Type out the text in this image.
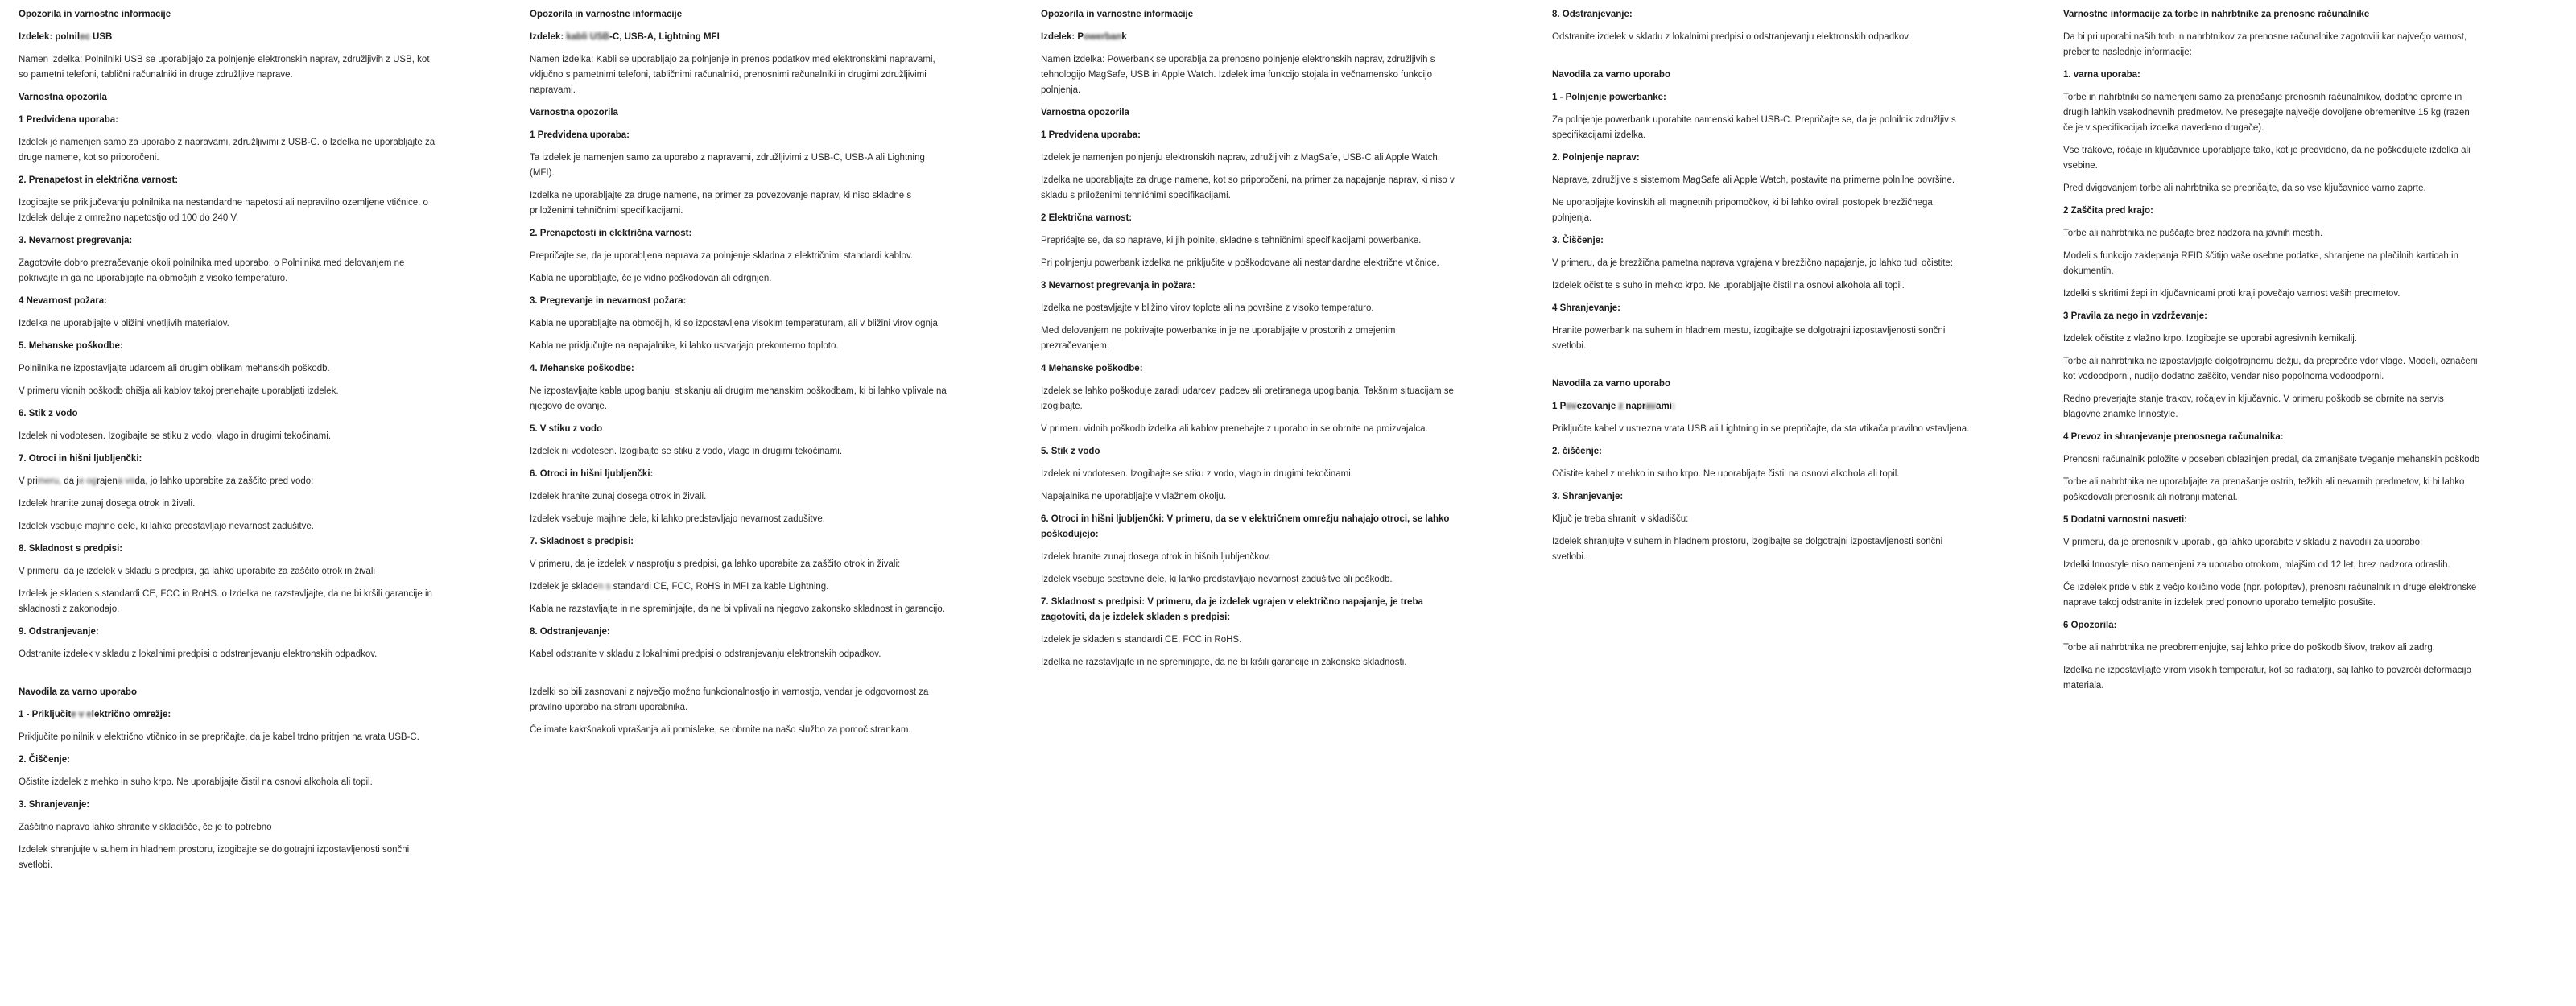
Opozorila in varnostne informacije
Izdelek: polnilec USB

Namen izdelka: Polnilniki USB se uporabljajo za polnjenje elektronskih naprav, združljivih z USB, kot so pametni telefoni, tablični računalniki in druge združljive naprave.

Varnostna opozorila
1 Predvidena uporaba:

Izdelek je namenjen samo za uporabo z napravami, združljivimi z USB-C. o Izdelka ne uporabljajte za druge namene, kot so priporočeni.

2. Prenapetost in električna varnost:

Izogibajte se priključevanju polnilnika na nestandardne napetosti ali nepravilno ozemljene vtičnice. o Izdelek deluje z omrežno napetostjo od 100 do 240 V.

3. Nevarnost pregrevanja:

Zagotovite dobro prezračevanje okoli polnilnika med uporabo. o Polnilnika med delovanjem ne pokrivajte in ga ne uporabljajte na območjih z visoko temperaturo.

4 Nevarnost požara:

Izdelka ne uporabljajte v bližini vnetljivih materialov.

5. Mehanske poškodbe:

Polnilnika ne izpostavljajte udarcem ali drugim oblikam mehanskih poškodb.

V primeru vidnih poškodb ohišja ali kablov takoj prenehajte uporabljati izdelek.

6. Stik z vodo

Izdelek ni vodotesen. Izogibajte se stiku z vodo, vlago in drugimi tekočinami.

7. Otroci in hišni ljubljenčki:

V primeru, da je ograjena voda, jo lahko uporabite za zaščito pred vodo:

Izdelek hranite zunaj dosega otrok in živali.

Izdelek vsebuje majhne dele, ki lahko predstavljajo nevarnost zadušitve.

8. Skladnost s predpisi:

V primeru, da je izdelek v skladu s predpisi, ga lahko uporabite za zaščito otrok in živali

Izdelek je skladen s standardi CE, FCC in RoHS. o Izdelka ne razstavljajte, da ne bi kršili garancije in skladnosti z zakonodajo.

9. Odstranjevanje:

Odstranite izdelek v skladu z lokalnimi predpisi o odstranjevanju elektronskih odpadkov.

Navodila za varno uporabo
1 - Priključite v električno omrežje:

Priključite polnilnik v električno vtičnico in se prepričajte, da je kabel trdno pritrjen na vrata USB-C.

2. Čiščenje:

Očistite izdelek z mehko in suho krpo. Ne uporabljajte čistil na osnovi alkohola ali topil.

3. Shranjevanje:

Zaščitno napravo lahko shranite v skladišče, če je to potrebno

Izdelek shranjujte v suhem in hladnem prostoru, izogibajte se dolgotrajni izpostavljenosti sončni svetlobi.

Opozorila in varnostne informacije
Izdelek: kabli USB-C, USB-A, Lightning MFI

Namen izdelka: Kabli se uporabljajo za polnjenje in prenos podatkov med elektronskimi napravami, vključno s pametnimi telefoni, tabličnimi računalniki, prenosnimi računalniki in drugimi združljivimi napravami.

Varnostna opozorila
1 Predvidena uporaba:

Ta izdelek je namenjen samo za uporabo z napravami, združljivimi z USB-C, USB-A ali Lightning (MFI).

Izdelka ne uporabljajte za druge namene, na primer za povezovanje naprav, ki niso skladne s priloženimi tehničnimi specifikacijami.

2. Prenapetosti in električna varnost:

Prepričajte se, da je uporabljena naprava za polnjenje skladna z električnimi standardi kablov.

Kabla ne uporabljajte, če je vidno poškodovan ali odrgnjen.

3. Pregrevanje in nevarnost požara:

Kabla ne uporabljajte na območjih, ki so izpostavljena visokim temperaturam, ali v bližini virov ognja.

Kabla ne priključujte na napajalnike, ki lahko ustvarjajo prekomerno toploto.

4. Mehanske poškodbe:

Ne izpostavljajte kabla upogibanju, stiskanju ali drugim mehanskim poškodbam, ki bi lahko vplivale na njegovo delovanje.

5. V stiku z vodo

Izdelek ni vodotesen. Izogibajte se stiku z vodo, vlago in drugimi tekočinami.

6. Otroci in hišni ljubljenčki:

Izdelek hranite zunaj dosega otrok in živali.

Izdelek vsebuje majhne dele, ki lahko predstavljajo nevarnost zadušitve.

7. Skladnost s predpisi:

V primeru, da je izdelek v nasprotju s predpisi, ga lahko uporabite za zaščito otrok in živali:

Izdelek je skladen s standardi CE, FCC, RoHS in MFI za kable Lightning.

Kabla ne razstavljajte in ne spreminjajte, da ne bi vplivali na njegovo zakonsko skladnost in garancijo.

8. Odstranjevanje:

Kabel odstranite v skladu z lokalnimi predpisi o odstranjevanju elektronskih odpadkov.

Izdelki so bili zasnovani z največjo možno funkcionalnostjo in varnostjo, vendar je odgovornost za pravilno uporabo na strani uporabnika.

Če imate kakršnakoli vprašanja ali pomisleke, se obrnite na našo službo za pomoč strankam.

Opozorila in varnostne informacije
Izdelek: Powerbank

Namen izdelka: Powerbank se uporablja za prenosno polnjenje elektronskih naprav, združljivih s tehnologijo MagSafe, USB in Apple Watch. Izdelek ima funkcijo stojala in večnamensko funkcijo polnjenja.

Varnostna opozorila
1 Predvidena uporaba:

Izdelek je namenjen polnjenju elektronskih naprav, združljivih z MagSafe, USB-C ali Apple Watch.

Izdelka ne uporabljajte za druge namene, kot so priporočeni, na primer za napajanje naprav, ki niso v skladu s priloženimi tehničnimi specifikacijami.

2 Električna varnost:

Prepričajte se, da so naprave, ki jih polnite, skladne s tehničnimi specifikacijami powerbanke.

Pri polnjenju powerbank izdelka ne priključite v poškodovane ali nestandardne električne vtičnice.

3 Nevarnost pregrevanja in požara:

Izdelka ne postavljajte v bližino virov toplote ali na površine z visoko temperaturo.

Med delovanjem ne pokrivajte powerbanke in je ne uporabljajte v prostorih z omejenim prezračevanjem.

4 Mehanske poškodbe:

Izdelek se lahko poškoduje zaradi udarcev, padcev ali pretiranega upogibanja. Takšnim situacijam se izogibajte.

V primeru vidnih poškodb izdelka ali kablov prenehajte z uporabo in se obrnite na proizvajalca.

5. Stik z vodo

Izdelek ni vodotesen. Izogibajte se stiku z vodo, vlago in drugimi tekočinami.

Napajalnika ne uporabljajte v vlažnem okolju.

6. Otroci in hišni ljubljenčki: V primeru, da se v električnem omrežju nahajajo otroci, se lahko poškodujejo:

Izdelek hranite zunaj dosega otrok in hišnih ljubljenčkov.

Izdelek vsebuje sestavne dele, ki lahko predstavljajo nevarnost zadušitve ali poškodb.

7. Skladnost s predpisi: V primeru, da je izdelek vgrajen v električno napajanje, je treba zagotoviti, da je izdelek skladen s predpisi:

Izdelek je skladen s standardi CE, FCC in RoHS.

Izdelka ne razstavljajte in ne spreminjajte, da ne bi kršili garancije in zakonske skladnosti.

8. Odstranjevanje:

Odstranite izdelek v skladu z lokalnimi predpisi o odstranjevanju elektronskih odpadkov.

Navodila za varno uporabo
1 - Polnjenje powerbanke:

Za polnjenje powerbank uporabite namenski kabel USB-C. Prepričajte se, da je polnilnik združljiv s specifikacijami izdelka.

2. Polnjenje naprav:

Naprave, združljive s sistemom MagSafe ali Apple Watch, postavite na primerne polnilne površine.

Ne uporabljajte kovinskih ali magnetnih pripomočkov, ki bi lahko ovirali postopek brezžičnega polnjenja.

3. Čiščenje:

V primeru, da je brezžična pametna naprava vgrajena v brezžično napajanje, jo lahko tudi očistite:

Izdelek očistite s suho in mehko krpo. Ne uporabljajte čistil na osnovi alkohola ali topil.

4 Shranjevanje:

Hranite powerbank na suhem in hladnem mestu, izogibajte se dolgotrajni izpostavljenosti sončni svetlobi.

Navodila za varno uporabo
1 Povezovanje z napravami:

Priključite kabel v ustrezna vrata USB ali Lightning in se prepričajte, da sta vtikača pravilno vstavljena.

2. čiščenje:

Očistite kabel z mehko in suho krpo. Ne uporabljajte čistil na osnovi alkohola ali topil.

3. Shranjevanje:

Ključ je treba shraniti v skladišču:

Izdelek shranjujte v suhem in hladnem prostoru, izogibajte se dolgotrajni izpostavljenosti sončni svetlobi.

Varnostne informacije za torbe in nahrbtnike za prenosne računalnike

Da bi pri uporabi naših torb in nahrbtnikov za prenosne računalnike zagotovili kar največjo varnost, preberite naslednje informacije:

1. varna uporaba:

Torbe in nahrbtniki so namenjeni samo za prenašanje prenosnih računalnikov, dodatne opreme in drugih lahkih vsakodnevnih predmetov. Ne presegajte največje dovoljene obremenitve 15 kg (razen če je v specifikacijah izdelka navedeno drugače).

Vse trakove, ročaje in ključavnice uporabljajte tako, kot je predvideno, da ne poškodujete izdelka ali vsebine.

Pred dvigovanjem torbe ali nahrbtnika se prepričajte, da so vse ključavnice varno zaprte.

2 Zaščita pred krajo:

Torbe ali nahrbtnika ne puščajte brez nadzora na javnih mestih.

Modeli s funkcijo zaklepanja RFID ščitijo vaše osebne podatke, shranjene na plačilnih karticah in dokumentih.

Izdelki s skritimi žepi in ključavnicami proti kraji povečajo varnost vaših predmetov.

3 Pravila za nego in vzdrževanje:

Izdelek očistite z vlažno krpo. Izogibajte se uporabi agresivnih kemikalij.

Torbe ali nahrbtnika ne izpostavljajte dolgotrajnemu dežju, da preprečite vdor vlage. Modeli, označeni kot vodoodporni, nudijo dodatno zaščito, vendar niso popolnoma vodoodporni.

Redno preverjajte stanje trakov, ročajev in ključavnic. V primeru poškodb se obrnite na servis blagovne znamke Innostyle.

4 Prevoz in shranjevanje prenosnega računalnika:

Prenosni računalnik položite v poseben oblazinjen predal, da zmanjšate tveganje mehanskih poškodb

Torbe ali nahrbtnika ne uporabljajte za prenašanje ostrih, težkih ali nevarnih predmetov, ki bi lahko poškodovali prenosnik ali notranji material.

5 Dodatni varnostni nasveti:

V primeru, da je prenosnik v uporabi, ga lahko uporabite v skladu z navodili za uporabo:

Izdelki Innostyle niso namenjeni za uporabo otrokom, mlajšim od 12 let, brez nadzora odraslih.

Če izdelek pride v stik z večjo količino vode (npr. potopitev), prenosni računalnik in druge elektronske naprave takoj odstranite in izdelek pred ponovno uporabo temeljito posušite.

6 Opozorila:

Torbe ali nahrbtnika ne preobremenjujte, saj lahko pride do poškodb šivov, trakov ali zadrg.

Izdelka ne izpostavljajte virom visokih temperatur, kot so radiatorji, saj lahko to povzroči deformacijo materiala.
